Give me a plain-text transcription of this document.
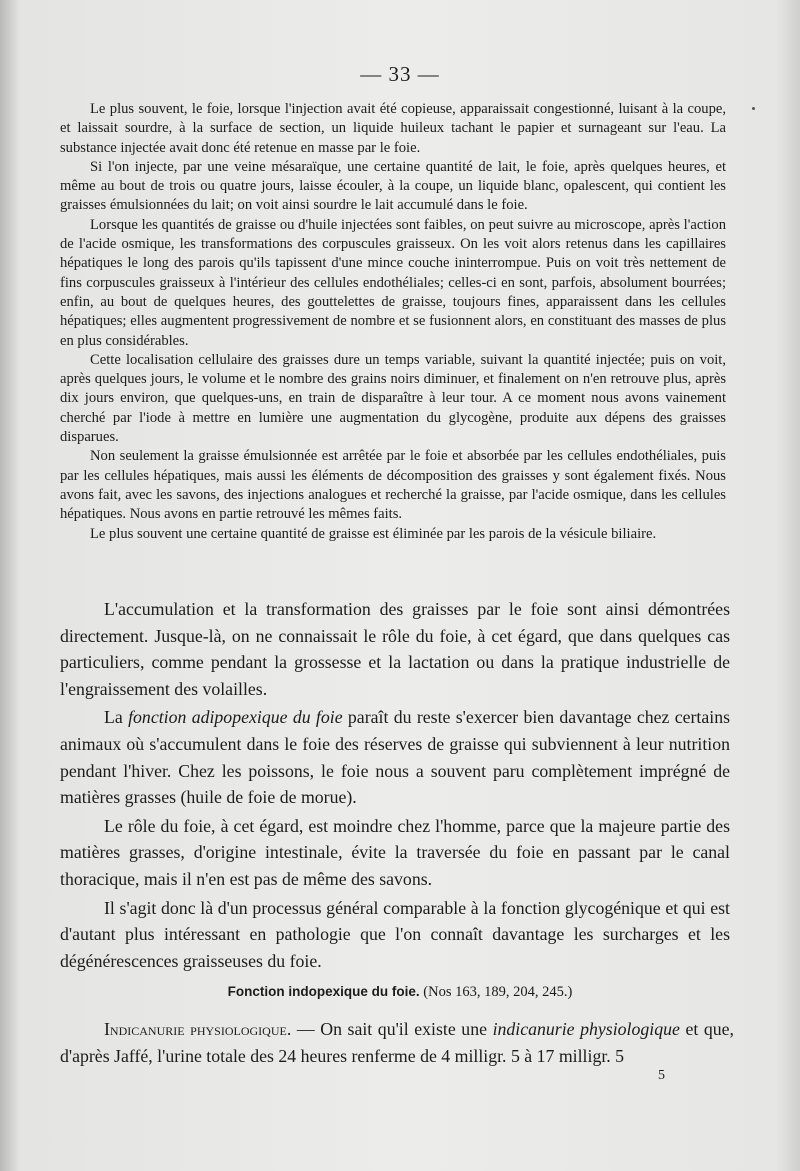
— 33 —

Le plus souvent, le foie, lorsque l'injection avait été copieuse, apparaissait congestionné, luisant à la coupe, et laissait sourdre, à la surface de section, un liquide huileux tachant le papier et surnageant sur l'eau. La substance injectée avait donc été retenue en masse par le foie.

Si l'on injecte, par une veine mésaraïque, une certaine quantité de lait, le foie, après quelques heures, et même au bout de trois ou quatre jours, laisse écouler, à la coupe, un liquide blanc, opalescent, qui contient les graisses émulsionnées du lait; on voit ainsi sourdre le lait accumulé dans le foie.

Lorsque les quantités de graisse ou d'huile injectées sont faibles, on peut suivre au microscope, après l'action de l'acide osmique, les transformations des corpuscules graisseux. On les voit alors retenus dans les capillaires hépatiques le long des parois qu'ils tapissent d'une mince couche ininterrompue. Puis on voit très nettement de fins corpuscules graisseux à l'intérieur des cellules endothéliales; celles-ci en sont, parfois, absolument bourrées; enfin, au bout de quelques heures, des gouttelettes de graisse, toujours fines, apparaissent dans les cellules hépatiques; elles augmentent progressivement de nombre et se fusionnent alors, en constituant des masses de plus en plus considérables.

Cette localisation cellulaire des graisses dure un temps variable, suivant la quantité injectée; puis on voit, après quelques jours, le volume et le nombre des grains noirs diminuer, et finalement on n'en retrouve plus, après dix jours environ, que quelques-uns, en train de disparaître à leur tour. A ce moment nous avons vainement cherché par l'iode à mettre en lumière une augmentation du glycogène, produite aux dépens des graisses disparues.

Non seulement la graisse émulsionnée est arrêtée par le foie et absorbée par les cellules endothéliales, puis par les cellules hépatiques, mais aussi les éléments de décomposition des graisses y sont également fixés. Nous avons fait, avec les savons, des injections analogues et recherché la graisse, par l'acide osmique, dans les cellules hépatiques. Nous avons en partie retrouvé les mêmes faits.

Le plus souvent une certaine quantité de graisse est éliminée par les parois de la vésicule biliaire.

L'accumulation et la transformation des graisses par le foie sont ainsi démontrées directement. Jusque-là, on ne connaissait le rôle du foie, à cet égard, que dans quelques cas particuliers, comme pendant la grossesse et la lactation ou dans la pratique industrielle de l'engraissement des volailles.

La fonction adipopexique du foie paraît du reste s'exercer bien davantage chez certains animaux où s'accumulent dans le foie des réserves de graisse qui subviennent à leur nutrition pendant l'hiver. Chez les poissons, le foie nous a souvent paru complètement imprégné de matières grasses (huile de foie de morue).

Le rôle du foie, à cet égard, est moindre chez l'homme, parce que la majeure partie des matières grasses, d'origine intestinale, évite la traversée du foie en passant par le canal thoracique, mais il n'en est pas de même des savons.

Il s'agit donc là d'un processus général comparable à la fonction glycogénique et qui est d'autant plus intéressant en pathologie que l'on connaît davantage les surcharges et les dégénérescences graisseuses du foie.

Fonction indopexique du foie. (Nos 163, 189, 204, 245.)

Indicanurie physiologique. — On sait qu'il existe une indicanurie physiologique et que, d'après Jaffé, l'urine totale des 24 heures renferme de 4 milligr. 5 à 17 milligr. 5

5
